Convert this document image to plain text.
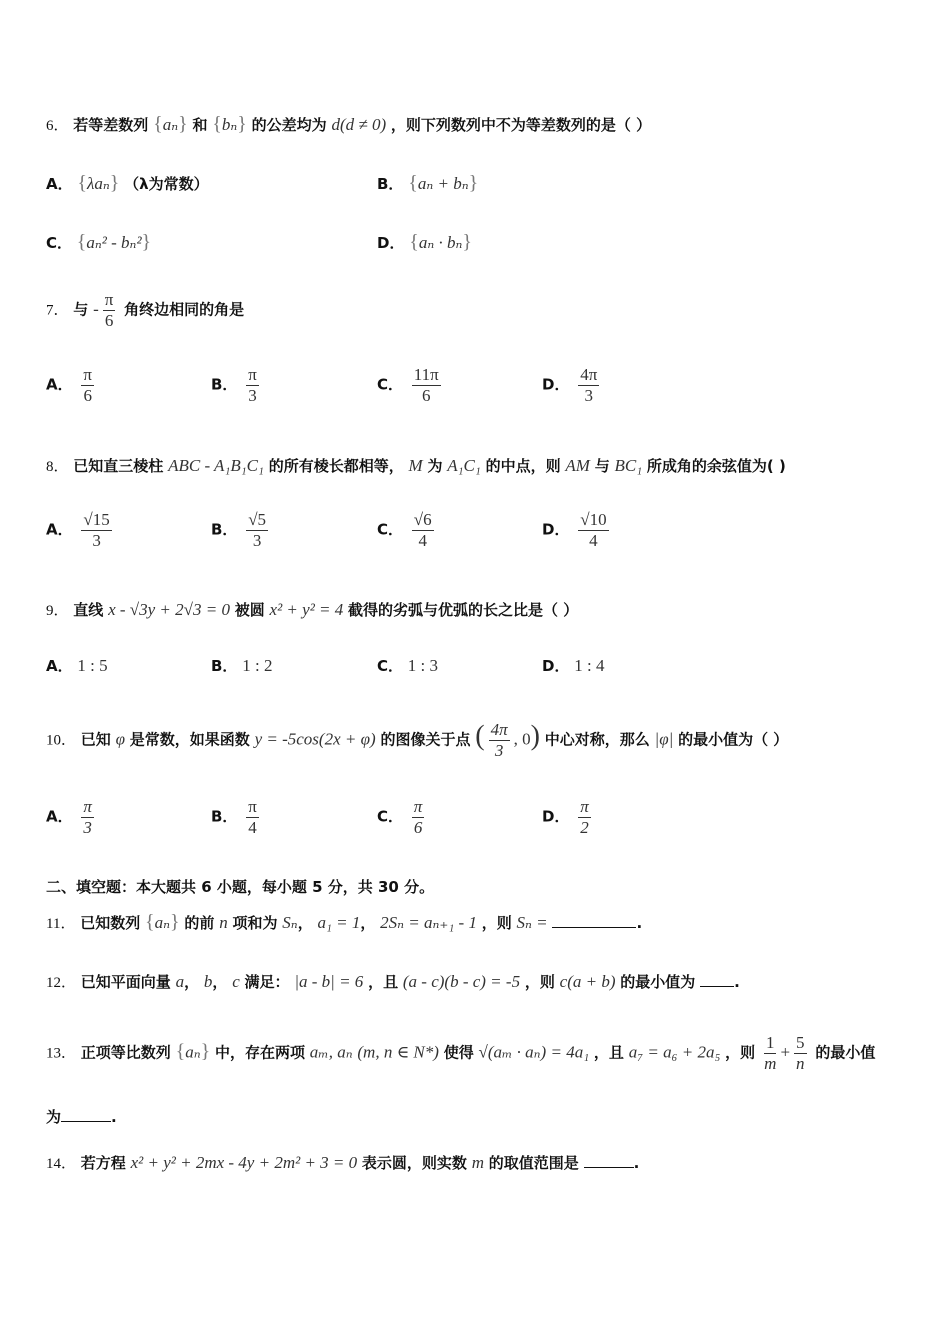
6． 若等差数列 {aₙ} 和 {bₙ} 的公差均为 d(d ≠ 0) ，则下列数列中不为等差数列的是（ ）
A． {λaₙ} （λ为常数）	B． {aₙ + bₙ}
C． {aₙ² - bₙ²}	D． {aₙ · bₙ}
7． 与 - $\frac{\pi}{6}$ 角终边相同的角是
A． $\frac{\pi}{6}$	B． $\frac{\pi}{3}$	C． $\frac{11\pi}{6}$	D． $\frac{4\pi}{3}$
8． 已知直三棱柱 ABC - A₁B₁C₁ 的所有棱长都相等， M 为 A₁C₁ 的中点，则 AM 与 BC₁ 所成角的余弦值为( )
A． $\frac{√15}{3}$	B． $\frac{√5}{3}$	C． $\frac{√6}{4}$	D． $\frac{√10}{4}$
9． 直线 x - √3y + 2√3 = 0 被圆 x² + y² = 4 截得的劣弧与优弧的长之比是（ ）
A． 1 : 5	B． 1 : 2	C． 1 : 3	D． 1 : 4
10． 已知 φ 是常数，如果函数 y = -5cos(2x + φ) 的图像关于点 ( $\frac{4\pi}{3}$ , 0) 中心对称，那么 |φ| 的最小值为（ ）
A． $\frac{\pi}{3}$	B． $\frac{\pi}{4}$	C． $\frac{\pi}{6}$	D． $\frac{\pi}{2}$
二、填空题：本大题共 6 小题，每小题 5 分，共 30 分。
11． 已知数列 {aₙ} 的前 n 项和为 Sₙ， a₁ = 1， 2Sₙ = aₙ₊₁ - 1 ，则 Sₙ =	.
12． 已知平面向量 a， b， c 满足： |a - b| = 6 ，且 (a - c)(b - c) = -5 ，则 c(a + b) 的最小值为	.
13． 正项等比数列 {aₙ} 中，存在两项 aₘ, aₙ (m, n ∈ N*) 使得 √(aₘ · aₙ) = 4a₁ ，且 a₇ = a₆ + 2a₅ ，则 $\frac{1}{m} + \frac{5}{n}$ 的最小值
为	.
14． 若方程 x² + y² + 2mx - 4y + 2m² + 3 = 0 表示圆，则实数 m 的取值范围是	.
